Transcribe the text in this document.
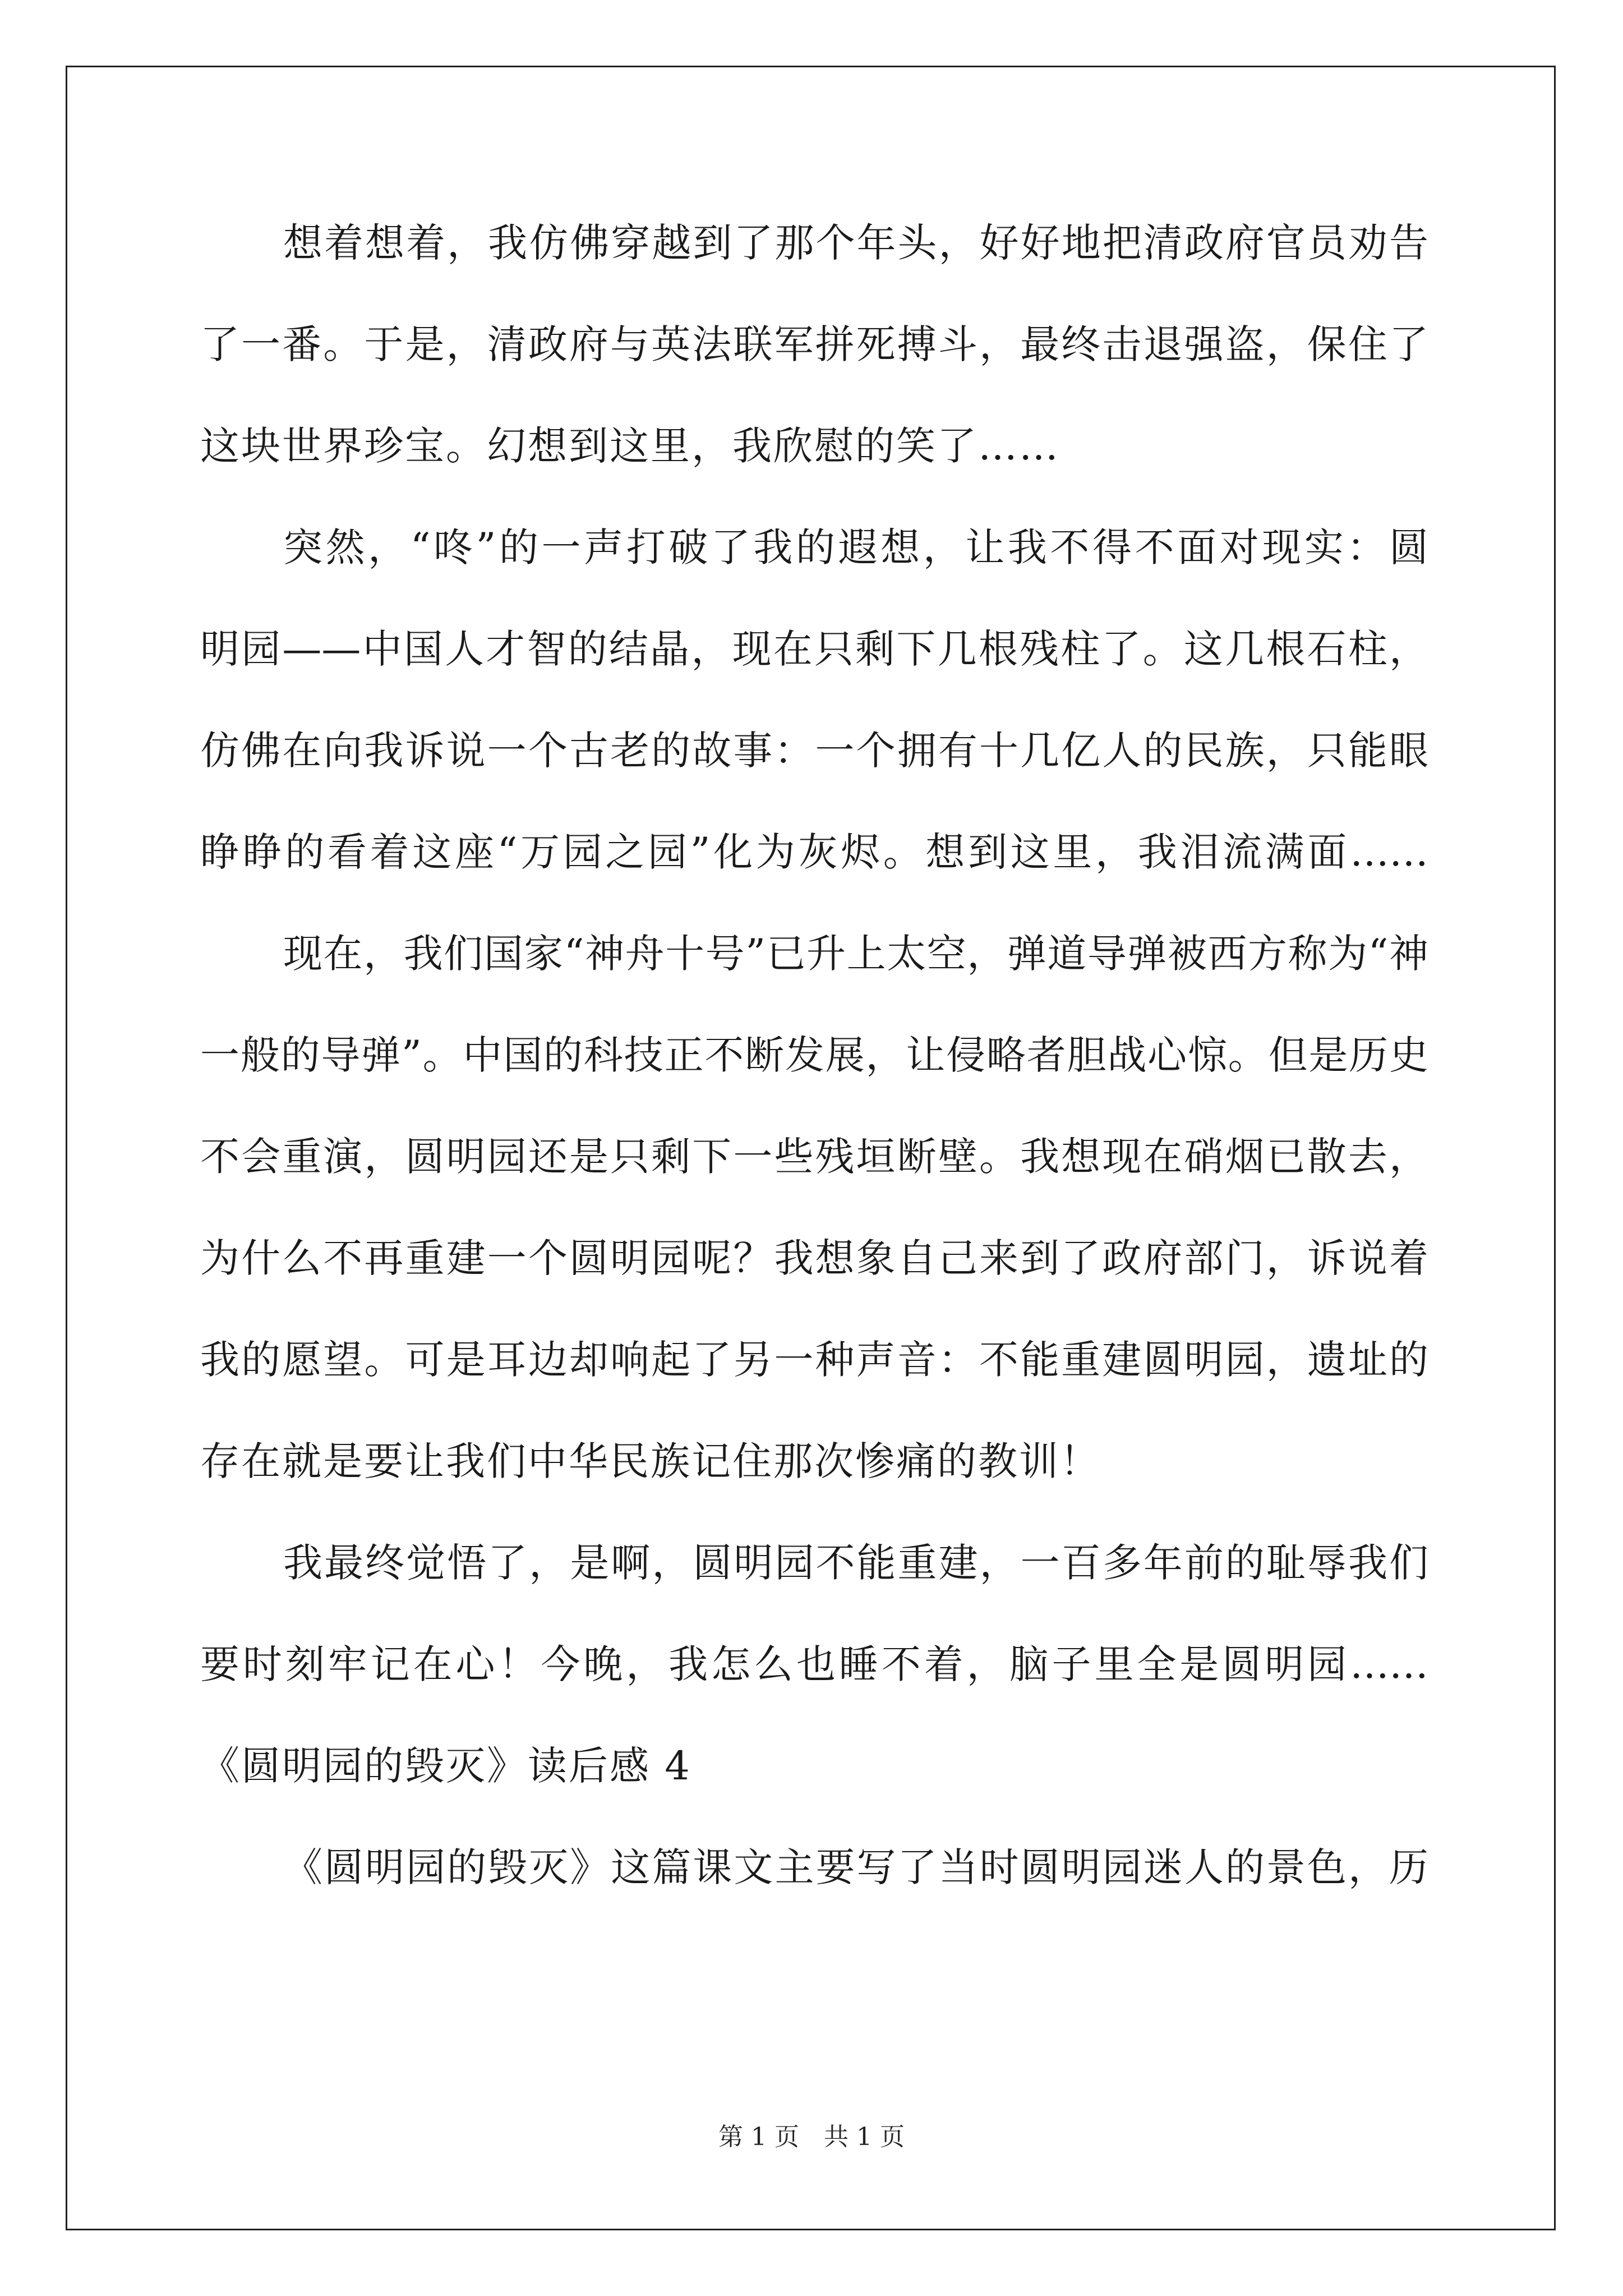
想着想着，我仿佛穿越到了那个年头，好好地把清政府官员劝告
了一番。于是，清政府与英法联军拼死搏斗，最终击退强盗，保住了
这块世界珍宝。幻想到这里，我欣慰的笑了……
突然，“咚”的一声打破了我的遐想，让我不得不面对现实：圆
明园——中国人才智的结晶，现在只剩下几根残柱了。这几根石柱，
仿佛在向我诉说一个古老的故事：一个拥有十几亿人的民族，只能眼
睁睁的看着这座“万园之园”化为灰烬。想到这里，我泪流满面……
现在，我们国家“神舟十号”已升上太空，弹道导弹被西方称为“神
一般的导弹”。中国的科技正不断发展，让侵略者胆战心惊。但是历史
不会重演，圆明园还是只剩下一些残垣断壁。我想现在硝烟已散去，
为什么不再重建一个圆明园呢？我想象自己来到了政府部门，诉说着
我的愿望。可是耳边却响起了另一种声音：不能重建圆明园，遗址的
存在就是要让我们中华民族记住那次惨痛的教训！
我最终觉悟了，是啊，圆明园不能重建，一百多年前的耻辱我们
要时刻牢记在心！今晚，我怎么也睡不着，脑子里全是圆明园……
《圆明园的毁灭》读后感 4
《圆明园的毁灭》这篇课文主要写了当时圆明园迷人的景色，历
第 1 页　共 1 页
